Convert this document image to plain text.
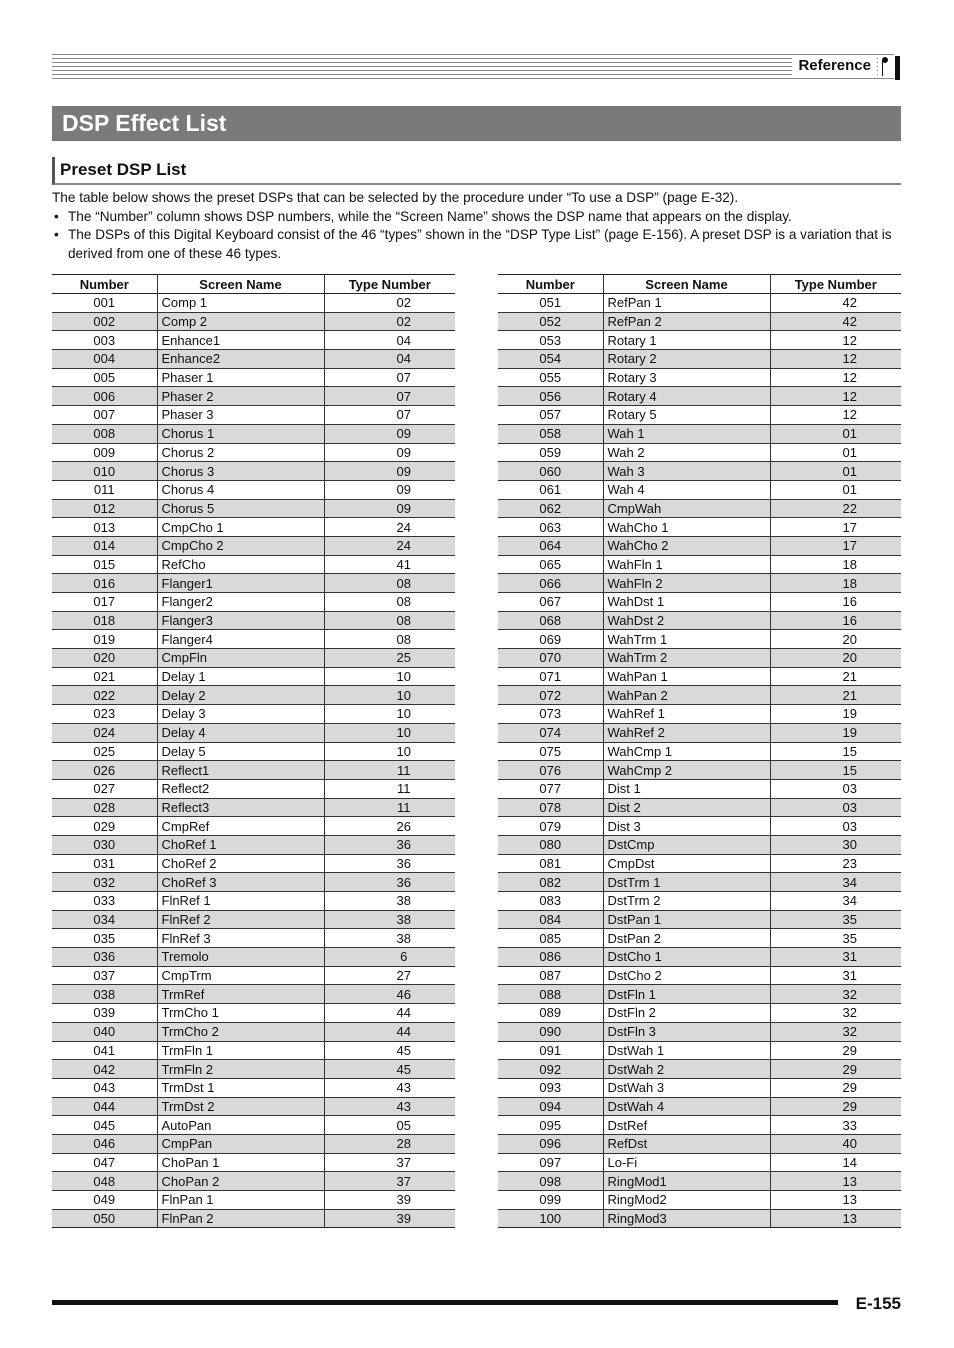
Reference
DSP Effect List
Preset DSP List

The table below shows the preset DSPs that can be selected by the procedure under “To use a DSP” (page E-32).

• The “Number” column shows DSP numbers, while the “Screen Name” shows the DSP name that appears on the display.

• The DSPs of this Digital Keyboard consist of the 46 “types” shown in the “DSP Type List” (page E-156). A preset DSP is a variation that is derived from one of these 46 types.

Number	Screen Name	Type Number
001	Comp 1	02
002	Comp 2	02
003	Enhance1	04
004	Enhance2	04
005	Phaser 1	07
006	Phaser 2	07
007	Phaser 3	07
008	Chorus 1	09
009	Chorus 2	09
010	Chorus 3	09
011	Chorus 4	09
012	Chorus 5	09
013	CmpCho 1	24
014	CmpCho 2	24
015	RefCho	41
016	Flanger1	08
017	Flanger2	08
018	Flanger3	08
019	Flanger4	08
020	CmpFln	25
021	Delay 1	10
022	Delay 2	10
023	Delay 3	10
024	Delay 4	10
025	Delay 5	10
026	Reflect1	11
027	Reflect2	11
028	Reflect3	11
029	CmpRef	26
030	ChoRef 1	36
031	ChoRef 2	36
032	ChoRef 3	36
033	FlnRef 1	38
034	FlnRef 2	38
035	FlnRef 3	38
036	Tremolo	6
037	CmpTrm	27
038	TrmRef	46
039	TrmCho 1	44
040	TrmCho 2	44
041	TrmFln 1	45
042	TrmFln 2	45
043	TrmDst 1	43
044	TrmDst 2	43
045	AutoPan	05
046	CmpPan	28
047	ChoPan 1	37
048	ChoPan 2	37
049	FlnPan 1	39
050	FlnPan 2	39
Number	Screen Name	Type Number
051	RefPan 1	42
052	RefPan 2	42
053	Rotary 1	12
054	Rotary 2	12
055	Rotary 3	12
056	Rotary 4	12
057	Rotary 5	12
058	Wah 1	01
059	Wah 2	01
060	Wah 3	01
061	Wah 4	01
062	CmpWah	22
063	WahCho 1	17
064	WahCho 2	17
065	WahFln 1	18
066	WahFln 2	18
067	WahDst 1	16
068	WahDst 2	16
069	WahTrm 1	20
070	WahTrm 2	20
071	WahPan 1	21
072	WahPan 2	21
073	WahRef 1	19
074	WahRef 2	19
075	WahCmp 1	15
076	WahCmp 2	15
077	Dist 1	03
078	Dist 2	03
079	Dist 3	03
080	DstCmp	30
081	CmpDst	23
082	DstTrm 1	34
083	DstTrm 2	34
084	DstPan 1	35
085	DstPan 2	35
086	DstCho 1	31
087	DstCho 2	31
088	DstFln 1	32
089	DstFln 2	32
090	DstFln 3	32
091	DstWah 1	29
092	DstWah 2	29
093	DstWah 3	29
094	DstWah 4	29
095	DstRef	33
096	RefDst	40
097	Lo-Fi	14
098	RingMod1	13
099	RingMod2	13
100	RingMod3	13
E-155
